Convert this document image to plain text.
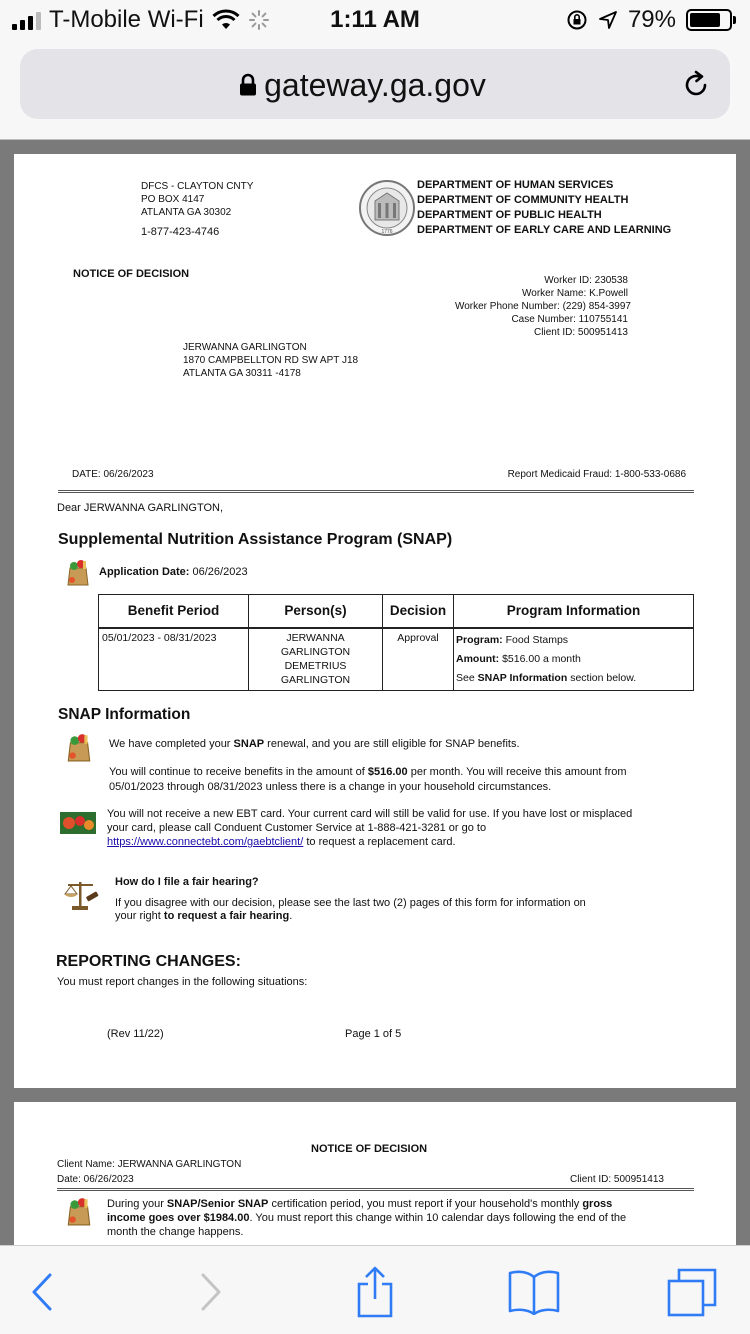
T-Mobile Wi-Fi	1:11 AM	79%
gateway.ga.gov
DFCS - CLAYTON CNTY
PO BOX 4147
ATLANTA GA 30302
1-877-423-4746	1776
DEPARTMENT OF HUMAN SERVICES
DEPARTMENT OF COMMUNITY HEALTH
DEPARTMENT OF PUBLIC HEALTH
DEPARTMENT OF EARLY CARE AND LEARNING
NOTICE OF DECISION
Worker ID: 230538
Worker Name: K.Powell
Worker Phone Number: (229) 854-3997
Case Number: 110755141
Client ID: 500951413
JERWANNA GARLINGTON
1870 CAMPBELLTON RD SW APT J18
ATLANTA GA 30311 -4178
DATE: 06/26/2023	Report Medicaid Fraud: 1-800-533-0686
Dear JERWANNA GARLINGTON,
Supplemental Nutrition Assistance Program (SNAP)
Application Date: 06/26/2023
Benefit Period	Person(s)	Decision	Program Information

05/01/2023 - 08/31/2023	JERWANNA
GARLINGTON
DEMETRIUS
GARLINGTON	Approval	Program: Food Stamps
Amount: $516.00 a month
See SNAP Information section below.
SNAP Information
We have completed your SNAP renewal, and you are still eligible for SNAP benefits.
You will continue to receive benefits in the amount of $516.00 per month. You will receive this amount from
05/01/2023 through 08/31/2023 unless there is a change in your household circumstances.
You will not receive a new EBT card. Your current card will still be valid for use. If you have lost or misplaced
your card, please call Conduent Customer Service at 1-888-421-3281 or go to
https://www.connectebt.com/gaebtclient/ to request a replacement card.
How do I file a fair hearing?
If you disagree with our decision, please see the last two (2) pages of this form for information on
your right to request a fair hearing.
REPORTING CHANGES:
You must report changes in the following situations:
(Rev 11/22)	Page 1 of 5
NOTICE OF DECISION
Client Name: JERWANNA GARLINGTON
Date: 06/26/2023	Client ID: 500951413
During your SNAP/Senior SNAP certification period, you must report if your household's monthly gross
income goes over $1984.00. You must report this change within 10 calendar days following the end of the
month the change happens.
